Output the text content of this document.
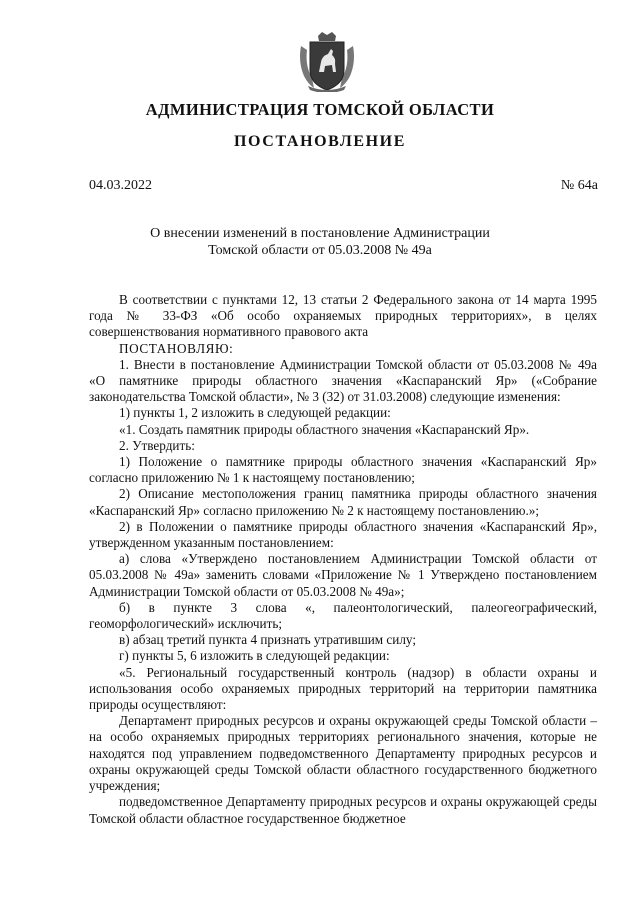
АДМИНИСТРАЦИЯ ТОМСКОЙ ОБЛАСТИ
ПОСТАНОВЛЕНИЕ
04.03.2022	№ 64а
О внесении изменений в постановление Администрации
Томской области от 05.03.2008 № 49а

В соответствии с пунктами 12, 13 статьи 2 Федерального закона от 14 марта 1995 года № 33-ФЗ «Об особо охраняемых природных территориях», в целях совершенствования нормативного правового акта

ПОСТАНОВЛЯЮ:

1. Внести в постановление Администрации Томской области от 05.03.2008 № 49а «О памятнике природы областного значения «Каспаранский Яр» («Собрание законодательства Томской области», № 3 (32) от 31.03.2008) следующие изменения:

1) пункты 1, 2 изложить в следующей редакции:

«1. Создать памятник природы областного значения «Каспаранский Яр».

2. Утвердить:

1) Положение о памятнике природы областного значения «Каспаранский Яр» согласно приложению № 1 к настоящему постановлению;

2) Описание местоположения границ памятника природы областного значения «Каспаранский Яр» согласно приложению № 2 к настоящему постановлению.»;

2) в Положении о памятнике природы областного значения «Каспаранский Яр», утвержденном указанным постановлением:

а) слова «Утверждено постановлением Администрации Томской области от 05.03.2008 № 49а» заменить словами «Приложение № 1 Утверждено постановлением Администрации Томской области от 05.03.2008 № 49а»;

б) в пункте 3 слова «, палеонтологический, палеогеографический, геоморфологический» исключить;

в) абзац третий пункта 4 признать утратившим силу;

г) пункты 5, 6 изложить в следующей редакции:

«5. Региональный государственный контроль (надзор) в области охраны и использования особо охраняемых природных территорий на территории памятника природы осуществляют:

Департамент природных ресурсов и охраны окружающей среды Томской области – на особо охраняемых природных территориях регионального значения, которые не находятся под управлением подведомственного Департаменту природных ресурсов и охраны окружающей среды Томской области областного государственного бюджетного учреждения;

подведомственное Департаменту природных ресурсов и охраны окружающей среды Томской области областное государственное бюджетное
